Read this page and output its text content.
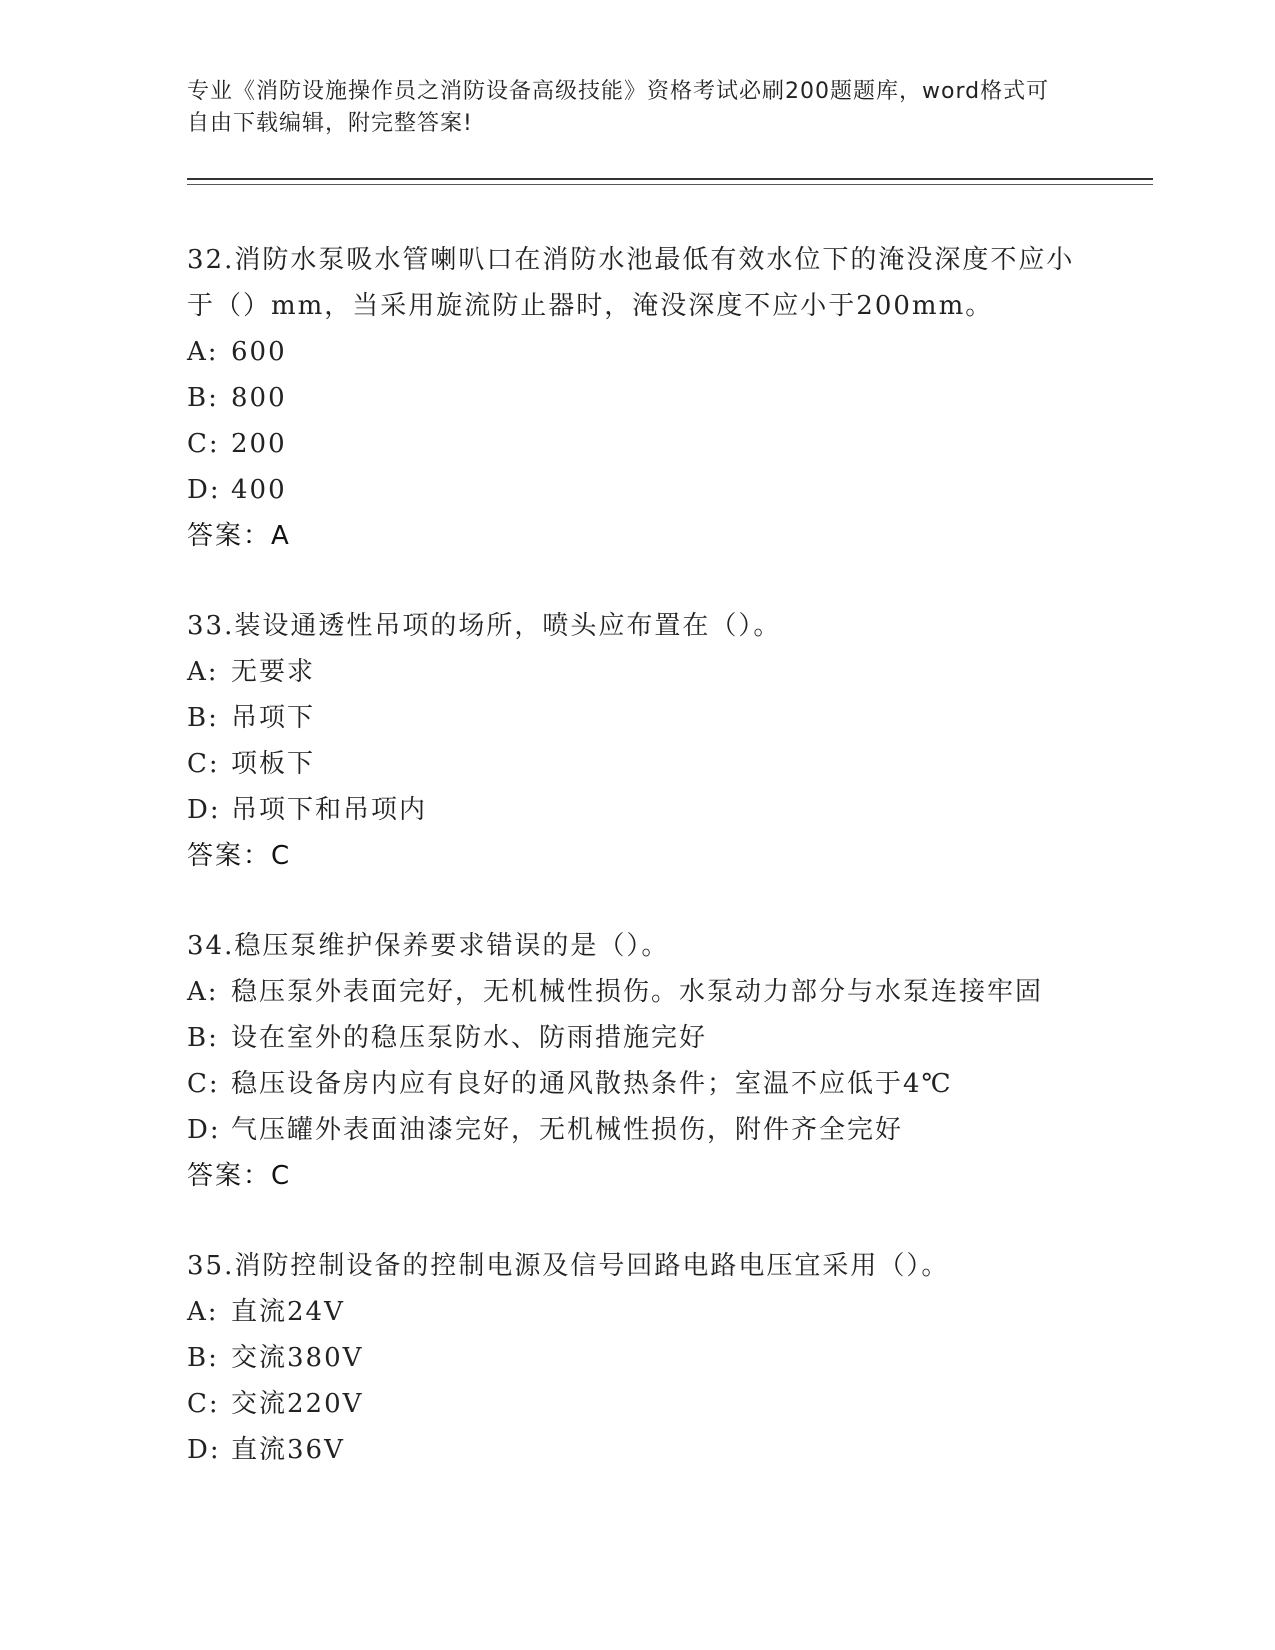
专业《消防设施操作员之消防设备高级技能》资格考试必刷200题题库，word格式可自由下载编辑，附完整答案!
32.消防水泵吸水管喇叭口在消防水池最低有效水位下的淹没深度不应小于（）mm，当采用旋流防止器时，淹没深度不应小于200mm。
A: 600
B: 800
C: 200
D: 400
答案：A
33.装设通透性吊项的场所，喷头应布置在（）。
A: 无要求
B: 吊项下
C: 项板下
D: 吊项下和吊项内
答案：C
34.稳压泵维护保养要求错误的是（）。
A: 稳压泵外表面完好，无机械性损伤。水泵动力部分与水泵连接牢固
B: 设在室外的稳压泵防水、防雨措施完好
C: 稳压设备房内应有良好的通风散热条件；室温不应低于4℃
D: 气压罐外表面油漆完好，无机械性损伤，附件齐全完好
答案：C
35.消防控制设备的控制电源及信号回路电路电压宜采用（）。
A: 直流24V
B: 交流380V
C: 交流220V
D: 直流36V
